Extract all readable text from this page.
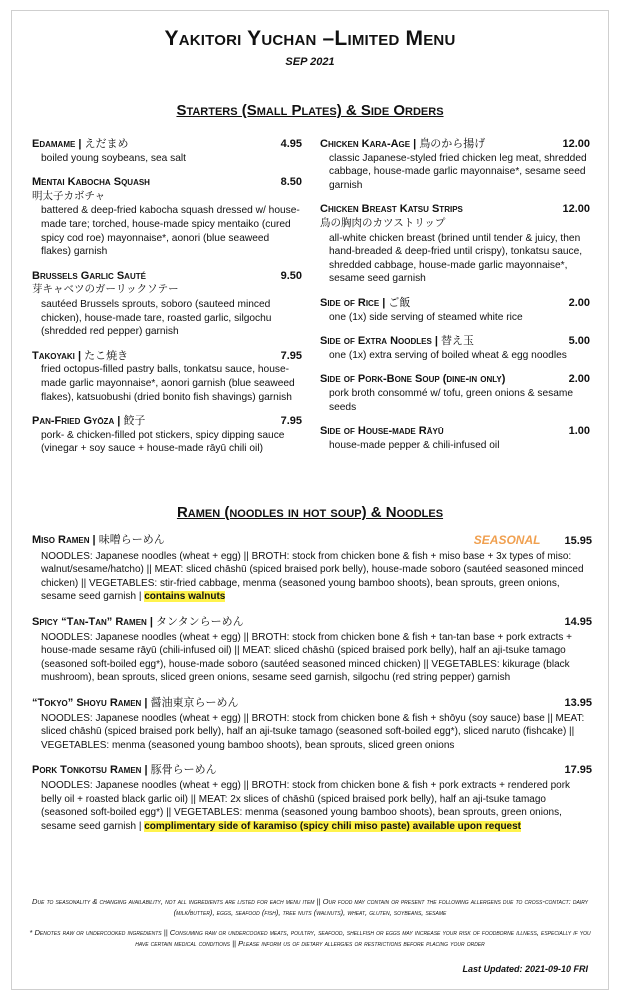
Yakitori Yuchan –Limited Menu
SEP 2021
Starters (Small Plates) & Side Orders
Edamame | えだまめ	4.95
boiled young soybeans, sea salt
Mentai Kabocha Squash	8.50
明太子カボチャ
battered & deep-fried kabocha squash dressed w/ house-made tare; torched, house-made spicy mentaiko (cured spicy cod roe) mayonnaise*, aonori (blue seaweed flakes) garnish
Brussels Garlic Sauté	9.50
芽キャベツのガーリックソテー
sautéed Brussels sprouts, soboro (sauteed minced chicken), house-made tare, roasted garlic, silgochu (shredded red pepper) garnish
Takoyaki | たこ焼き	7.95
fried octopus-filled pastry balls, tonkatsu sauce, house-made garlic mayonnaise*, aonori garnish (blue seaweed flakes), katsuobushi (dried bonito fish shavings) garnish
Pan-Fried Gyōza | 餃子	7.95
pork- & chicken-filled pot stickers, spicy dipping sauce (vinegar + soy sauce + house-made rāyū chili oil)
Chicken Kara-Age | 鳥のから揚げ	12.00
classic Japanese-styled fried chicken leg meat, shredded cabbage, house-made garlic mayonnaise*, sesame seed garnish
Chicken Breast Katsu Strips	12.00
鳥の胸肉のカツストリップ
all-white chicken breast (brined until tender & juicy, then hand-breaded & deep-fried until crispy), tonkatsu sauce, shredded cabbage, house-made garlic mayonnaise*, sesame seed garnish
Side of Rice | ご飯	2.00
one (1x) side serving of steamed white rice
Side of Extra Noodles | 替え玉	5.00
one (1x) extra serving of boiled wheat & egg noodles
Side of Pork-Bone Soup (dine-in only)	2.00
pork broth consommé w/ tofu, green onions & sesame seeds
Side of House-made Rāyū	1.00
house-made pepper & chili-infused oil
Ramen (noodles in hot soup) & Noodles
Miso Ramen | 味噌らーめん	SEASONAL 15.95
NOODLES: Japanese noodles (wheat + egg) || BROTH: stock from chicken bone & fish + miso base + 3x types of miso: walnut/sesame/hatcho) || MEAT: sliced chāshū (spiced braised pork belly), house-made soboro (sautéed seasoned minced chicken) || VEGETABLES: stir-fried cabbage, menma (seasoned young bamboo shoots), bean sprouts, green onions, sesame seed garnish | contains walnuts
Spicy “Tan-Tan” Ramen | タンタンらーめん	14.95
NOODLES: Japanese noodles (wheat + egg) || BROTH: stock from chicken bone & fish + tan-tan base + pork extracts + house-made sesame rāyū (chili-infused oil) || MEAT: sliced chāshū (spiced braised pork belly), half an aji-tsuke tamago (seasoned soft-boiled egg*), house-made soboro (sautéed seasoned minced chicken) || VEGETABLES: kikurage (black mushroom), bean sprouts, sliced green onions, sesame seed garnish, silgochu (red string pepper) garnish
“Tokyo” Shoyu Ramen | 醤油東京らーめん	13.95
NOODLES: Japanese noodles (wheat + egg) || BROTH: stock from chicken bone & fish + shōyu (soy sauce) base || MEAT: sliced chāshū (spiced braised pork belly), half an aji-tsuke tamago (seasoned soft-boiled egg*), sliced naruto (fishcake) || VEGETABLES: menma (seasoned young bamboo shoots), bean sprouts, sliced green onions
Pork Tonkotsu Ramen | 豚骨らーめん	17.95
NOODLES: Japanese noodles (wheat + egg) || BROTH: stock from chicken bone & fish + pork extracts + rendered pork belly oil + roasted black garlic oil) || MEAT: 2x slices of chāshū (spiced braised pork belly), half an aji-tsuke tamago (seasoned soft-boiled egg*) || VEGETABLES: menma (seasoned young bamboo shoots), bean sprouts, green onions, sesame seed garnish | complimentary side of karamiso (spicy chili miso paste) available upon request
Due to seasonality & changing availability, not all ingredients are listed for each menu item || Our food may contain or present the following allergens due to cross-contact: dairy (milk/butter), eggs, seafood (fish), tree nuts (walnuts), wheat, gluten, soybeans, sesame
* Denotes raw or undercooked ingredients || Consuming raw or undercooked meats, poultry, seafood, shellfish or eggs may increase your risk of foodborne illness, especially if you have certain medical conditions || Please inform us of dietary allergies or restrictions before placing your order
Last Updated: 2021-09-10 FRI
